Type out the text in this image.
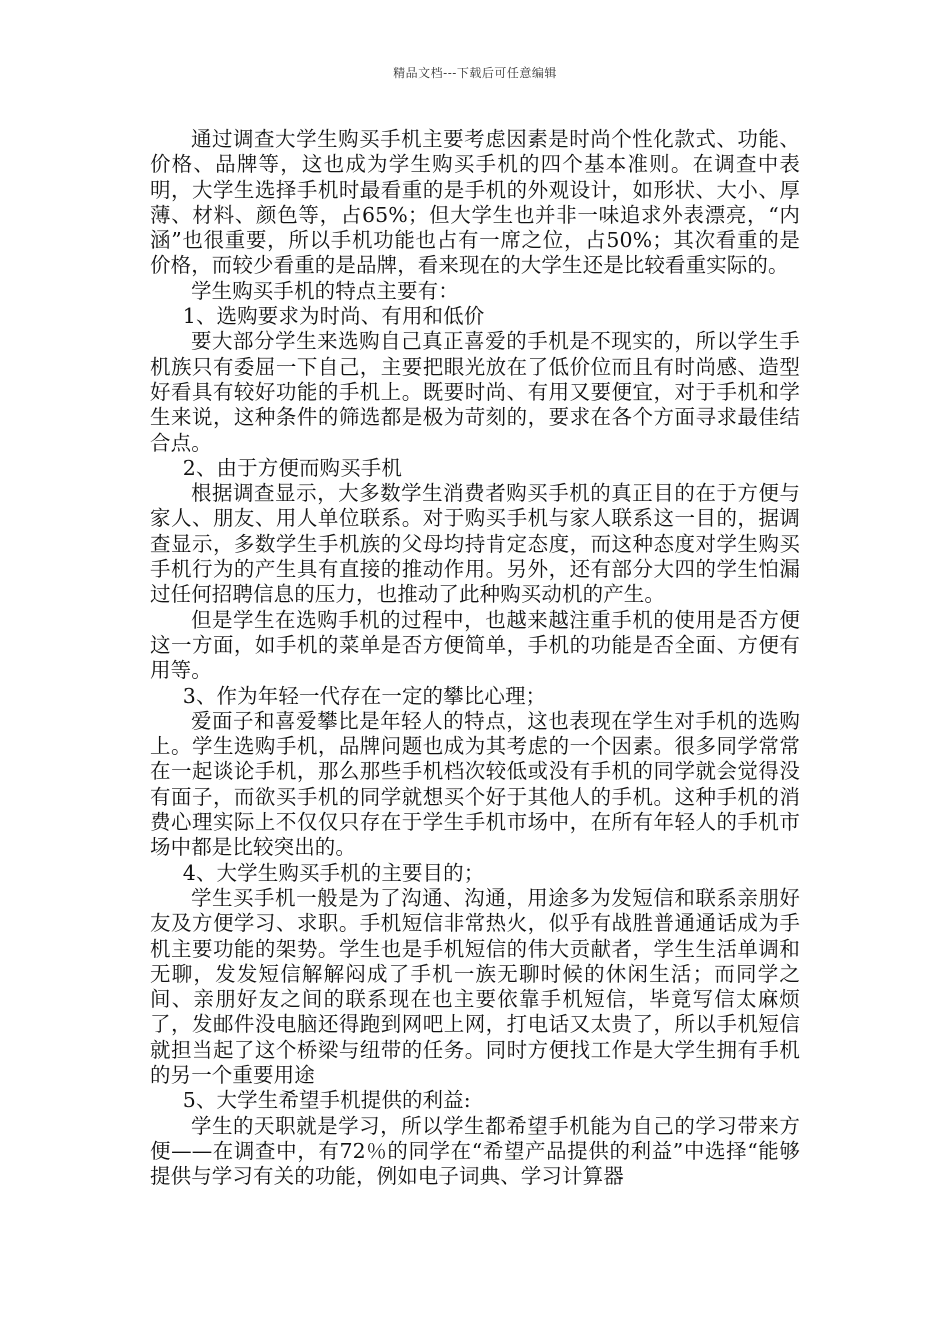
精品文档---下载后可任意编辑

通过调查大学生购买手机主要考虑因素是时尚个性化款式、功能、价格、品牌等，这也成为学生购买手机的四个基本准则。在调查中表明，大学生选择手机时最看重的是手机的外观设计，如形状、大小、厚薄、材料、颜色等，占65%；但大学生也并非一味追求外表漂亮，“内涵”也很重要，所以手机功能也占有一席之位，占50%；其次看重的是价格，而较少看重的是品牌，看来现在的大学生还是比较看重实际的。

学生购买手机的特点主要有：

1、选购要求为时尚、有用和低价

要大部分学生来选购自己真正喜爱的手机是不现实的，所以学生手机族只有委屈一下自己，主要把眼光放在了低价位而且有时尚感、造型好看具有较好功能的手机上。既要时尚、有用又要便宜，对于手机和学生来说，这种条件的筛选都是极为苛刻的，要求在各个方面寻求最佳结合点。

2、由于方便而购买手机

根据调查显示，大多数学生消费者购买手机的真正目的在于方便与家人、朋友、用人单位联系。对于购买手机与家人联系这一目的，据调查显示，多数学生手机族的父母均持肯定态度，而这种态度对学生购买手机行为的产生具有直接的推动作用。另外，还有部分大四的学生怕漏过任何招聘信息的压力，也推动了此种购买动机的产生。

但是学生在选购手机的过程中，也越来越注重手机的使用是否方便这一方面，如手机的菜单是否方便简单，手机的功能是否全面、方便有用等。

3、作为年轻一代存在一定的攀比心理；

爱面子和喜爱攀比是年轻人的特点，这也表现在学生对手机的选购上。学生选购手机，品牌问题也成为其考虑的一个因素。很多同学常常在一起谈论手机，那么那些手机档次较低或没有手机的同学就会觉得没有面子，而欲买手机的同学就想买个好于其他人的手机。这种手机的消费心理实际上不仅仅只存在于学生手机市场中，在所有年轻人的手机市场中都是比较突出的。

4、大学生购买手机的主要目的；

学生买手机一般是为了沟通、沟通，用途多为发短信和联系亲朋好友及方便学习、求职。手机短信非常热火，似乎有战胜普通通话成为手机主要功能的架势。学生也是手机短信的伟大贡献者，学生生活单调和无聊，发发短信解解闷成了手机一族无聊时候的休闲生活；而同学之间、亲朋好友之间的联系现在也主要依靠手机短信，毕竟写信太麻烦了，发邮件没电脑还得跑到网吧上网，打电话又太贵了，所以手机短信就担当起了这个桥梁与纽带的任务。同时方便找工作是大学生拥有手机的另一个重要用途

5、大学生希望手机提供的利益:

学生的天职就是学习，所以学生都希望手机能为自己的学习带来方便——在调查中，有72％的同学在“希望产品提供的利益”中选择“能够提供与学习有关的功能，例如电子词典、学习计算器
